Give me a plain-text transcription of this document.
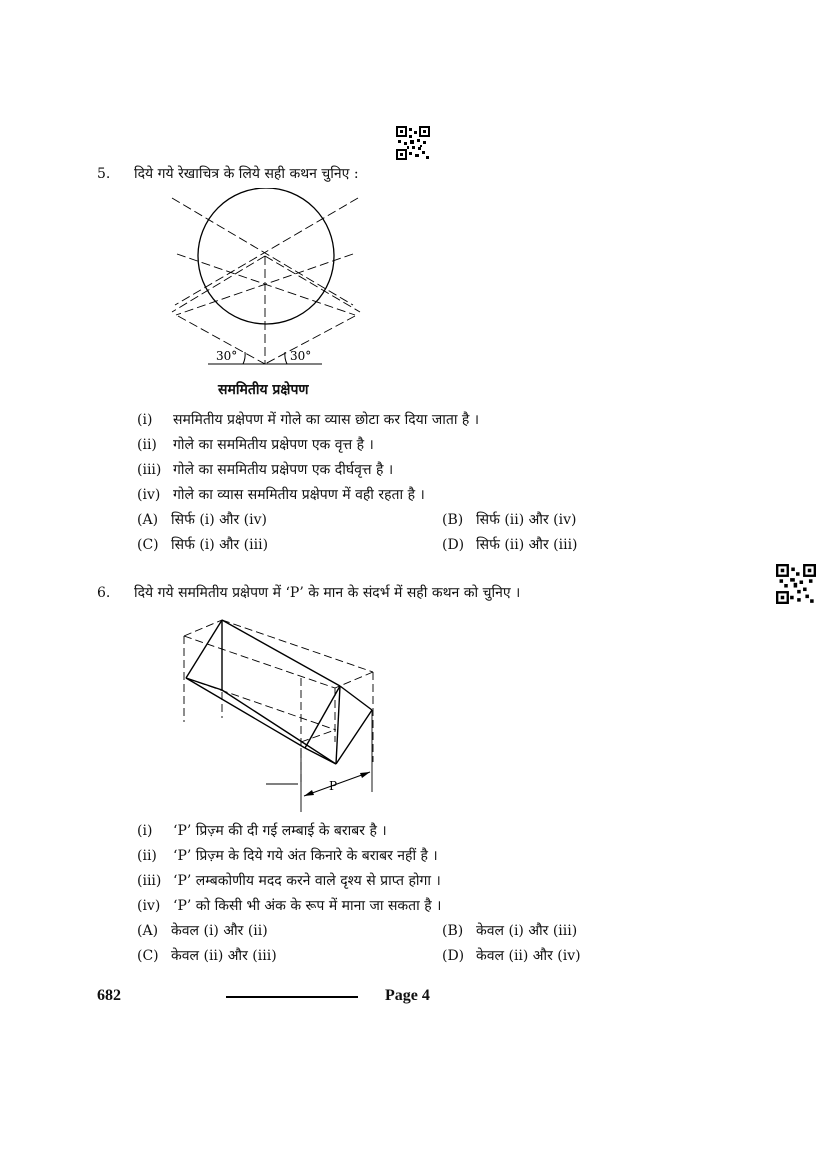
5. दिये गये रेखाचित्र के लिये सही कथन चुनिए :
30°	30°
सममितीय प्रक्षेपण
(i) सममितीय प्रक्षेपण में गोले का व्यास छोटा कर दिया जाता है ।
(ii) गोले का सममितीय प्रक्षेपण एक वृत्त है ।
(iii) गोले का सममितीय प्रक्षेपण एक दीर्घवृत्त है ।
(iv) गोले का व्यास सममितीय प्रक्षेपण में वही रहता है ।
(A) सिर्फ (i) और (iv)	(B) सिर्फ (ii) और (iv)
(C) सिर्फ (i) और (iii)	(D) सिर्फ (ii) और (iii)
6. दिये गये सममितीय प्रक्षेपण में ‘P’ के मान के संदर्भ में सही कथन को चुनिए ।
P
(i) ‘P’ प्रिज़्म की दी गई लम्बाई के बराबर है ।
(ii) ‘P’ प्रिज़्म के दिये गये अंत किनारे के बराबर नहीं है ।
(iii) ‘P’ लम्बकोणीय मदद करने वाले दृश्य से प्राप्त होगा ।
(iv) ‘P’ को किसी भी अंक के रूप में माना जा सकता है ।
(A) केवल (i) और (ii)	(B) केवल (i) और (iii)
(C) केवल (ii) और (iii)	(D) केवल (ii) और (iv)
682	Page 4
